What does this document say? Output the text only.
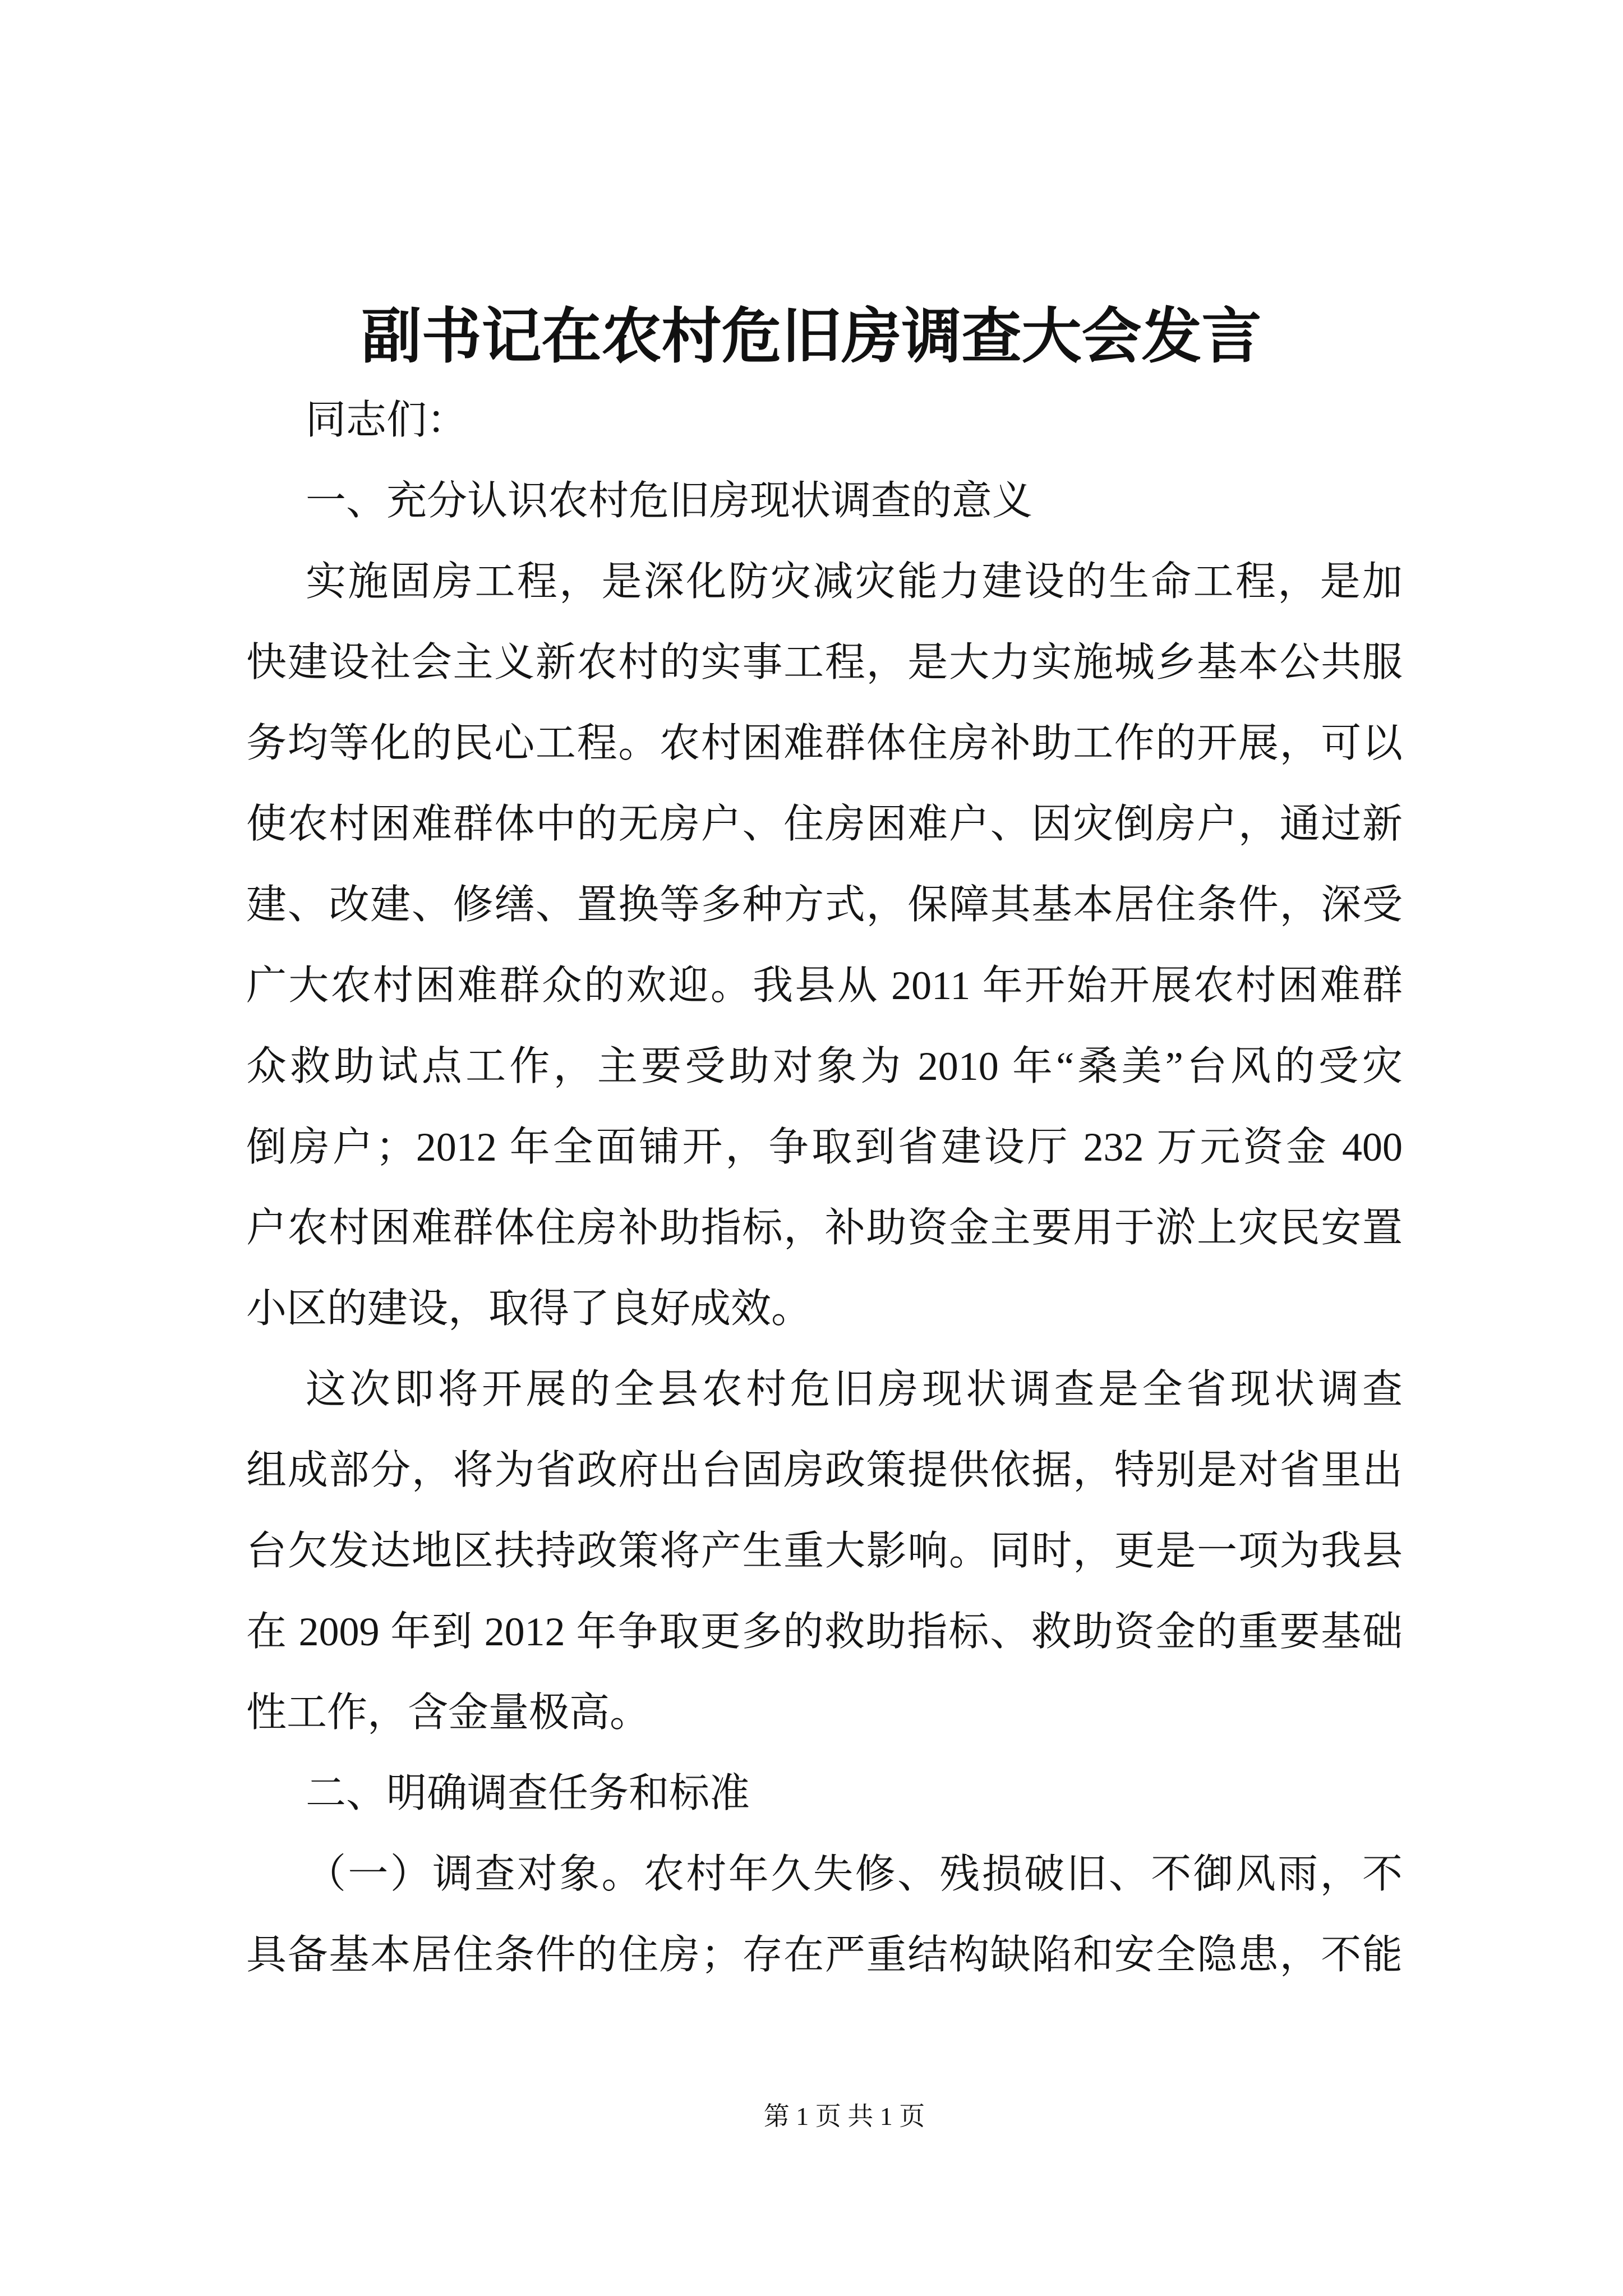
副书记在农村危旧房调查大会发言
同志们：
一、充分认识农村危旧房现状调查的意义
实施固房工程，是深化防灾减灾能力建设的生命工程，是加
快建设社会主义新农村的实事工程，是大力实施城乡基本公共服
务均等化的民心工程。农村困难群体住房补助工作的开展，可以
使农村困难群体中的无房户、住房困难户、因灾倒房户，通过新
建、改建、修缮、置换等多种方式，保障其基本居住条件，深受
广大农村困难群众的欢迎。我县从 2011 年开始开展农村困难群
众救助试点工作，主要受助对象为 2010 年“桑美”台风的受灾
倒房户；2012 年全面铺开，争取到省建设厅 232 万元资金 400
户农村困难群体住房补助指标，补助资金主要用于淤上灾民安置
小区的建设，取得了良好成效。
这次即将开展的全县农村危旧房现状调查是全省现状调查
组成部分，将为省政府出台固房政策提供依据，特别是对省里出
台欠发达地区扶持政策将产生重大影响。同时，更是一项为我县
在 2009 年到 2012 年争取更多的救助指标、救助资金的重要基础
性工作，含金量极高。
二、明确调查任务和标准
（一）调查对象。农村年久失修、残损破旧、不御风雨，不
具备基本居住条件的住房；存在严重结构缺陷和安全隐患，不能
第 1 页 共 1 页
